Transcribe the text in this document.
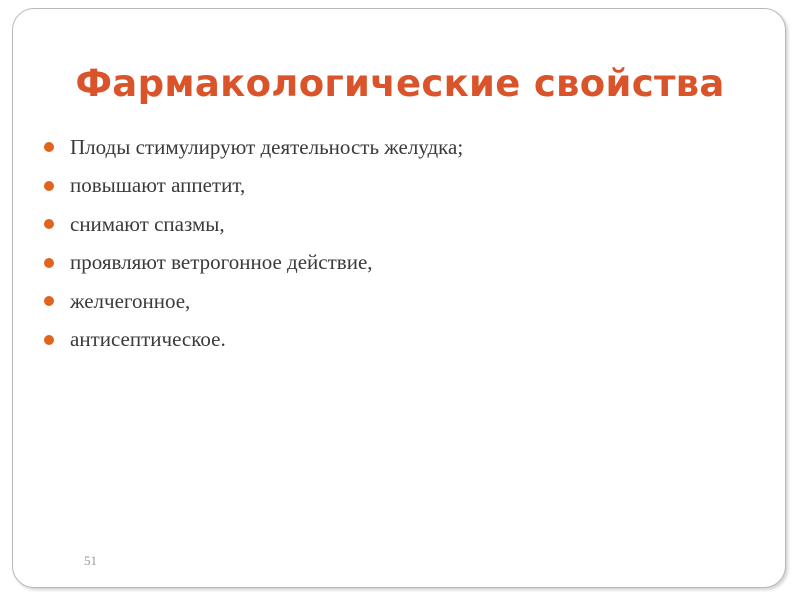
Фармакологические свойства
Плоды стимулируют деятельность желудка;
повышают аппетит,
снимают спазмы,
проявляют ветрогонное действие,
желчегонное,
антисептическое.
51
